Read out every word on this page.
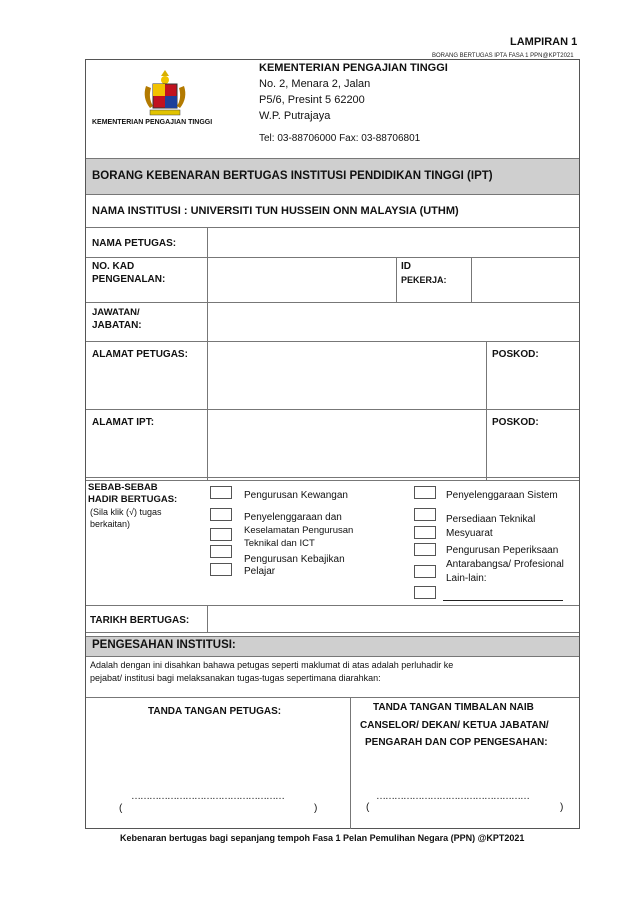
LAMPIRAN 1
BORANG BERTUGAS IPTA FASA 1 PPN@KPT2021
KEMENTERIAN PENGAJIAN TINGGI
KEMENTERIAN PENGAJIAN TINGGI
No. 2, Menara 2, Jalan
P5/6, Presint 5 62200
W.P. Putrajaya
Tel: 03-88706000 Fax: 03-88706801
BORANG KEBENARAN BERTUGAS INSTITUSI PENDIDIKAN TINGGI (IPT)
NAMA INSTITUSI : UNIVERSITI TUN HUSSEIN ONN MALAYSIA (UTHM)
NAMA PETUGAS:
NO. KAD
PENGENALAN:
ID
PEKERJA:
JAWATAN/
JABATAN:
ALAMAT PETUGAS:	POSKOD:
ALAMAT IPT:	POSKOD:
SEBAB-SEBAB
HADIR BERTUGAS:
(Sila klik (√) tugas
berkaitan)
Pengurusan Kewangan
Penyelenggaraan dan
Keselamatan Pengurusan
Teknikal dan ICT
Pengurusan Kebajikan
Pelajar
Penyelenggaraan Sistem
Persediaan Teknikal
Mesyuarat
Pengurusan Peperiksaan
Antarabangsa/ Profesional
Lain-lain:
TARIKH BERTUGAS:
PENGESAHAN INSTITUSI:
Adalah dengan ini disahkan bahawa petugas seperti maklumat di atas adalah perluhadir ke
pejabat/ institusi bagi melaksanakan tugas-tugas sepertimana diarahkan:
TANDA TANGAN PETUGAS:	TANDA TANGAN TIMBALAN NAIB
CANSELOR/ DEKAN/ KETUA JABATAN/
PENGARAH DAN COP PENGESAHAN:
……………………………………………
(	)
……………………………………………
(	)
Kebenaran bertugas bagi sepanjang tempoh Fasa 1 Pelan Pemulihan Negara (PPN) @KPT2021
